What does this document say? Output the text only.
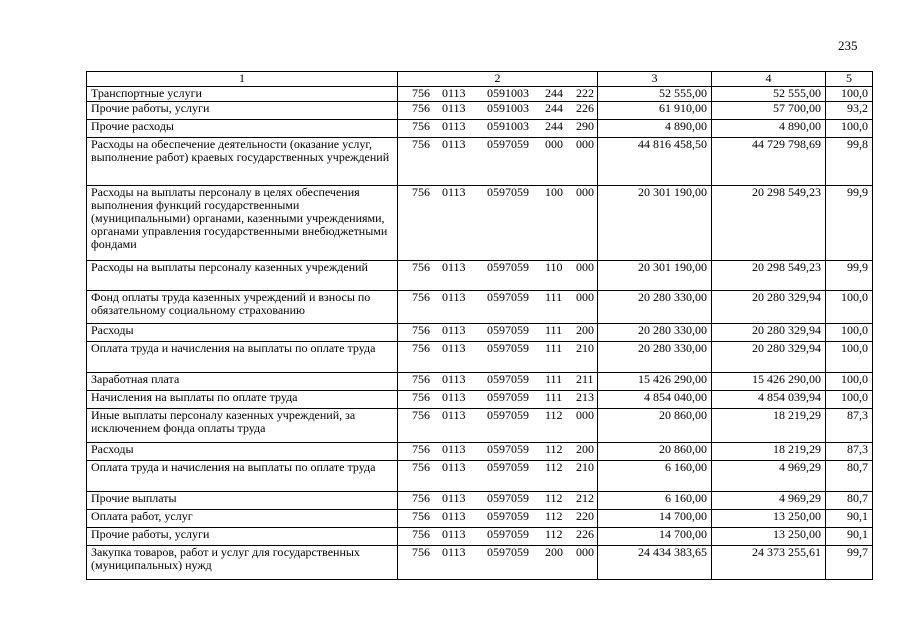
235
1	2	3	4	5
Транспортные услуги	756 0113 0591003 244 222	52 555,00	52 555,00	100,0
Прочие работы, услуги	756 0113 0591003 244 226	61 910,00	57 700,00	93,2
Прочие расходы	756 0113 0591003 244 290	4 890,00	4 890,00	100,0
Расходы на обеспечение деятельности (оказание услуг, выполнение работ) краевых государственных учреждений	756 0113 0597059 000 000	44 816 458,50	44 729 798,69	99,8
Расходы на выплаты персоналу в целях обеспечения выполнения функций государственными (муниципальными) органами, казенными учреждениями, органами управления государственными внебюджетными фондами	756 0113 0597059 100 000	20 301 190,00	20 298 549,23	99,9
Расходы на выплаты персоналу казенных учреждений	756 0113 0597059 110 000	20 301 190,00	20 298 549,23	99,9
Фонд оплаты труда казенных учреждений и взносы по обязательному социальному страхованию	756 0113 0597059 111 000	20 280 330,00	20 280 329,94	100,0
Расходы	756 0113 0597059 111 200	20 280 330,00	20 280 329,94	100,0
Оплата труда и начисления на выплаты по оплате труда	756 0113 0597059 111 210	20 280 330,00	20 280 329,94	100,0
Заработная плата	756 0113 0597059 111 211	15 426 290,00	15 426 290,00	100,0
Начисления на выплаты по оплате труда	756 0113 0597059 111 213	4 854 040,00	4 854 039,94	100,0
Иные выплаты персоналу казенных учреждений, за исключением фонда оплаты труда	756 0113 0597059 112 000	20 860,00	18 219,29	87,3
Расходы	756 0113 0597059 112 200	20 860,00	18 219,29	87,3
Оплата труда и начисления на выплаты по оплате труда	756 0113 0597059 112 210	6 160,00	4 969,29	80,7
Прочие выплаты	756 0113 0597059 112 212	6 160,00	4 969,29	80,7
Оплата работ, услуг	756 0113 0597059 112 220	14 700,00	13 250,00	90,1
Прочие работы, услуги	756 0113 0597059 112 226	14 700,00	13 250,00	90,1
Закупка товаров, работ и услуг для государственных (муниципальных) нужд	756 0113 0597059 200 000	24 434 383,65	24 373 255,61	99,7
